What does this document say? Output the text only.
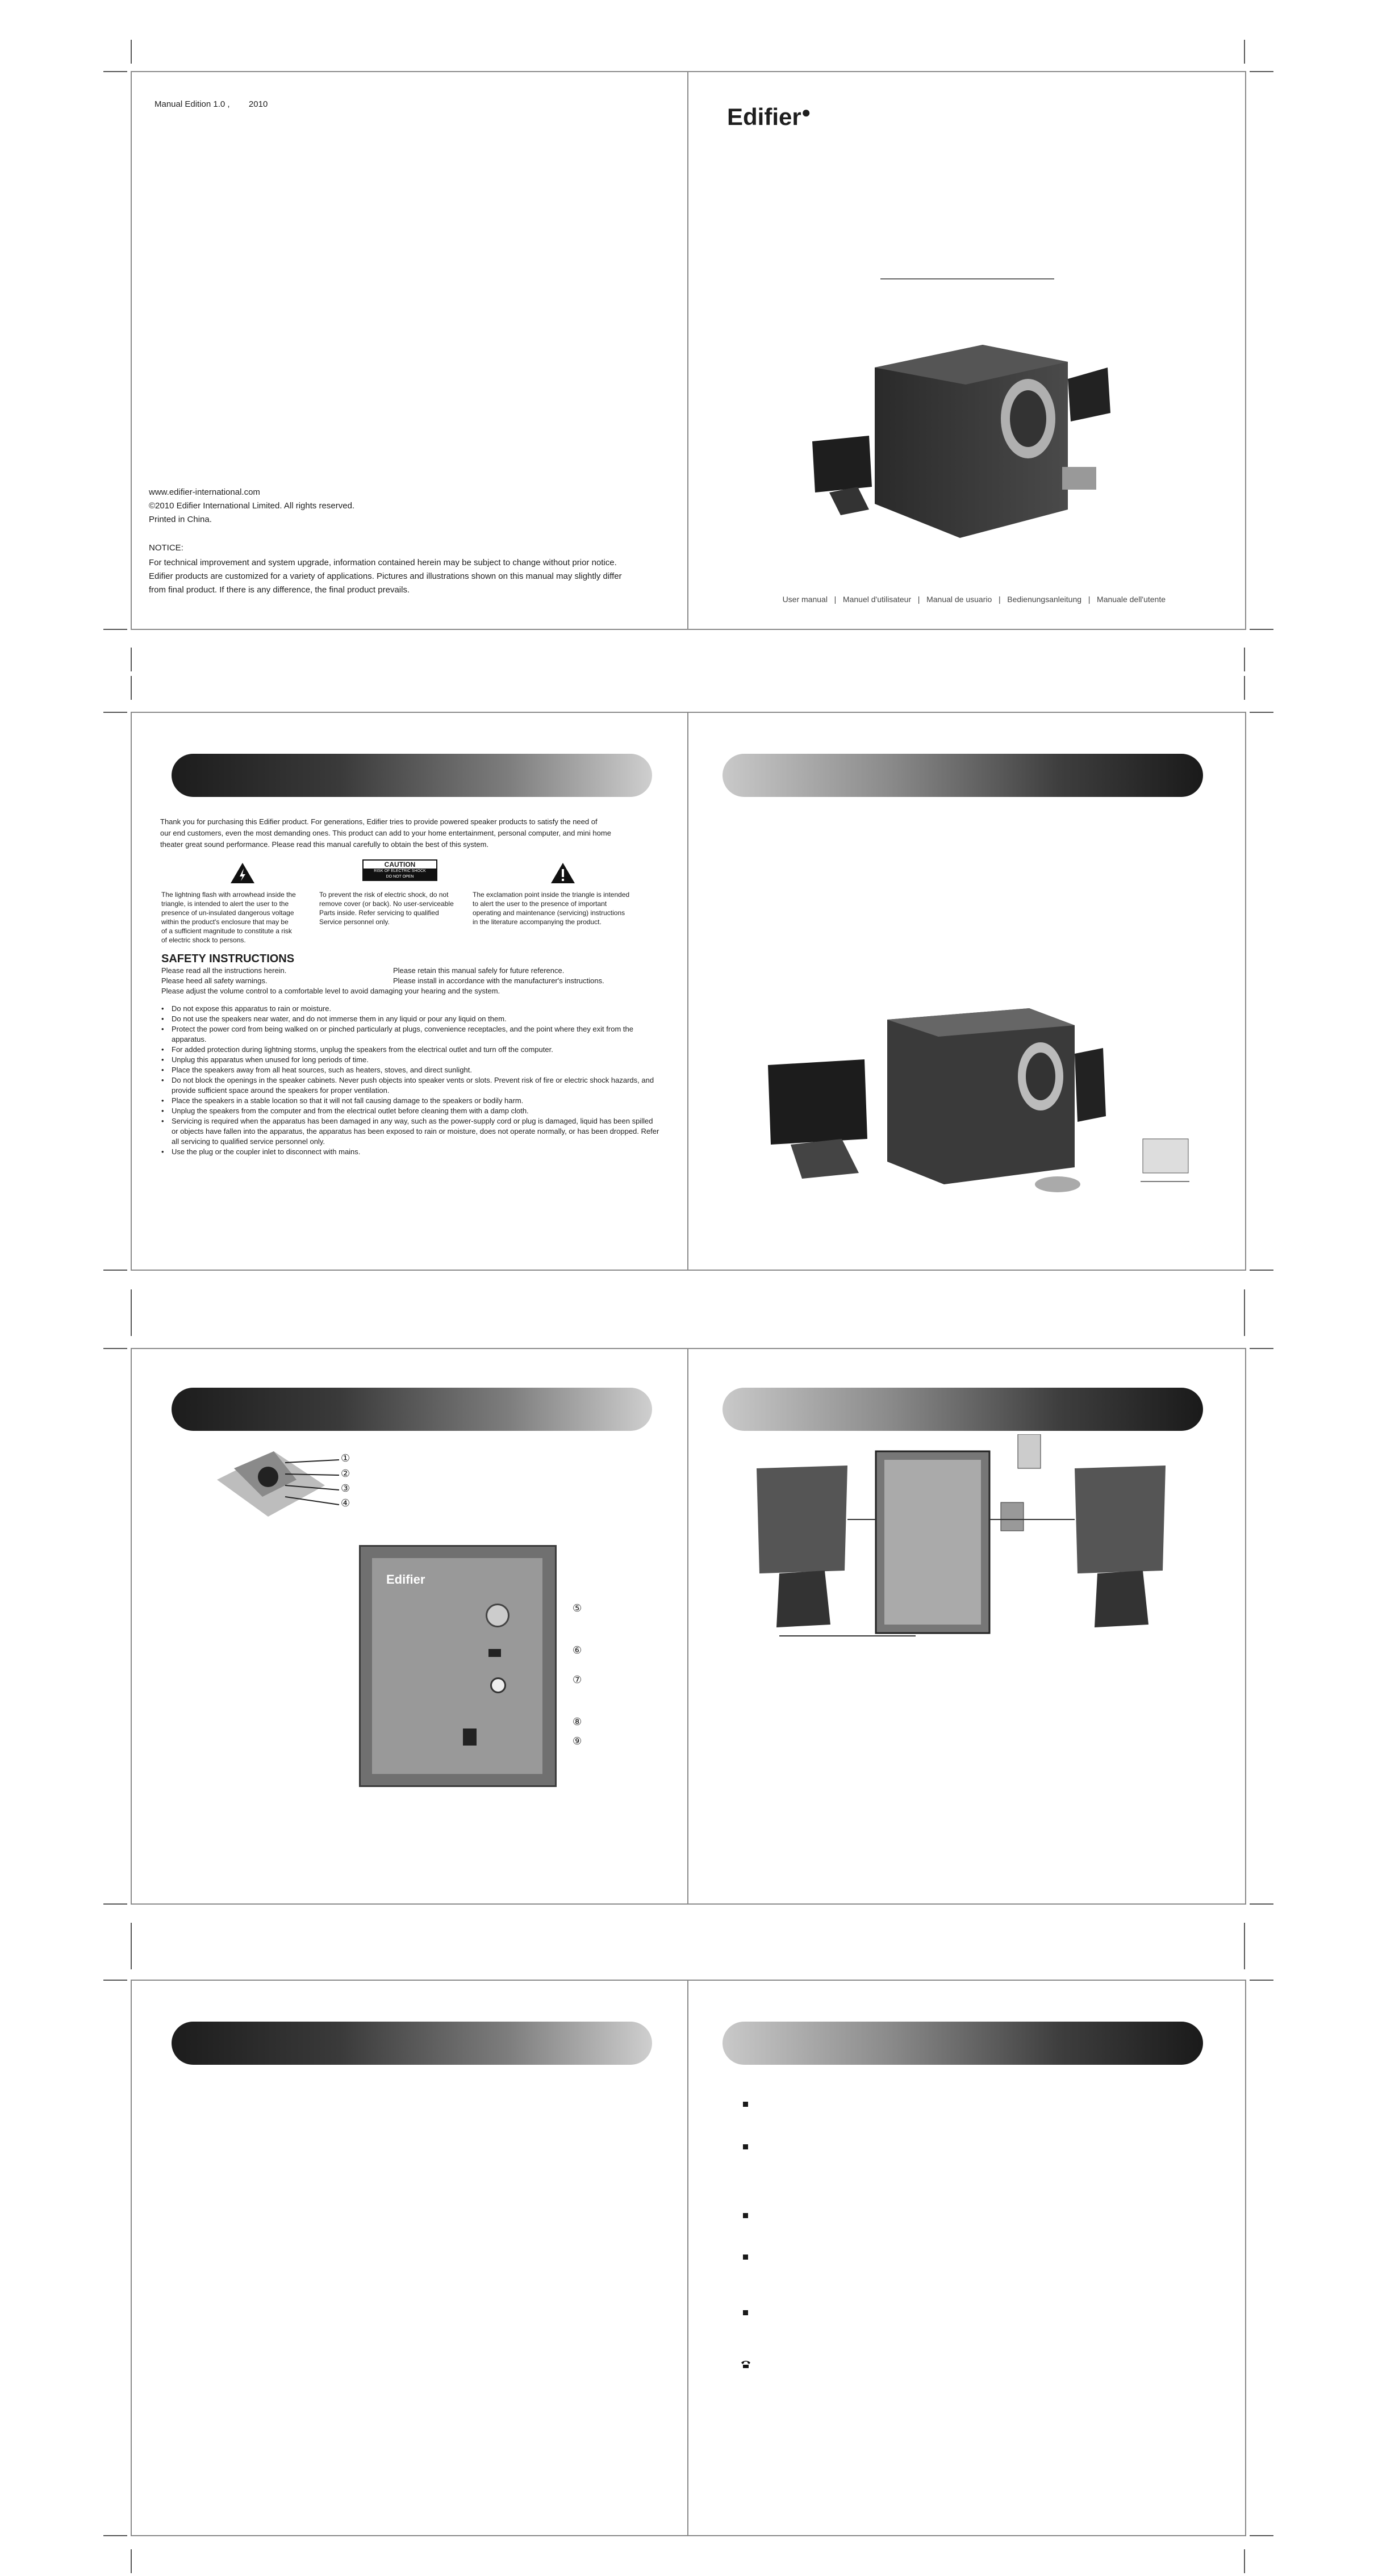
Manual Edition 1.0 ,        2010
www.edifier-international.com
©2010 Edifier International Limited. All rights reserved.
Printed in China.
NOTICE:
For technical improvement and system upgrade, information contained herein may be subject to change without prior notice.
Edifier products are customized for a variety of applications. Pictures and illustrations shown on this manual may slightly differ
from final product. If there is any difference, the final product prevails.
Edifier●

User manual | Manuel d'utilisateur | Manual de usuario | Bedienungsanleitung | Manuale dell'utente

Thank you for purchasing this Edifier product. For generations, Edifier tries to provide powered speaker products to satisfy the need of
our end customers, even the most demanding ones. This product can add to your home entertainment, personal computer, and mini home
theater great sound performance. Please read this manual carefully to obtain the best of this system.
CAUTION
RISK OF ELECTRIC SHOCK
DO NOT OPEN
The lightning flash with arrowhead inside the
triangle, is intended to alert the user to the
presence of un-insulated dangerous voltage
within the product's enclosure that may be
of a sufficient magnitude to constitute a risk
of electric shock to persons.
To prevent the risk of electric shock, do not
remove cover (or back). No user-serviceable
Parts inside. Refer servicing to qualified
Service personnel only.
The exclamation point inside the triangle is intended
to alert the user to the presence of important
operating and maintenance (servicing) instructions
in the literature accompanying the product.
SAFETY INSTRUCTIONS
Please read all the instructions herein.	Please retain this manual safely for future reference.
Please heed all safety warnings.	Please install in accordance with the manufacturer's instructions.
Please adjust the volume control to a comfortable level to avoid damaging your hearing and the system.
• Do not expose this apparatus to rain or moisture.
• Do not use the speakers near water, and do not immerse them in any liquid or pour any liquid on them.
• Protect the power cord from being walked on or pinched particularly at plugs, convenience receptacles, and the point where they exit from the apparatus.
• For added protection during lightning storms, unplug the speakers from the electrical outlet and turn off the computer.
• Unplug this apparatus when unused for long periods of time.
• Place the speakers away from all heat sources, such as heaters, stoves, and direct sunlight.
• Do not block the openings in the speaker cabinets. Never push objects into speaker vents or slots. Prevent risk of fire or electric shock hazards, and provide sufficient space around the speakers for proper ventilation.
• Place the speakers in a stable location so that it will not fall causing damage to the speakers or bodily harm.
• Unplug the speakers from the computer and from the electrical outlet before cleaning them with a damp cloth.
• Servicing is required when the apparatus has been damaged in any way, such as the power-supply cord or plug is damaged, liquid has been spilled or objects have fallen into the apparatus, the apparatus has been exposed to rain or moisture, does not operate normally, or has been dropped. Refer all servicing to qualified service personnel only.
• Use the plug or the coupler inlet to disconnect with mains.
①
②
③
④
Edifier
⑤
⑥
⑦
⑧
⑨
